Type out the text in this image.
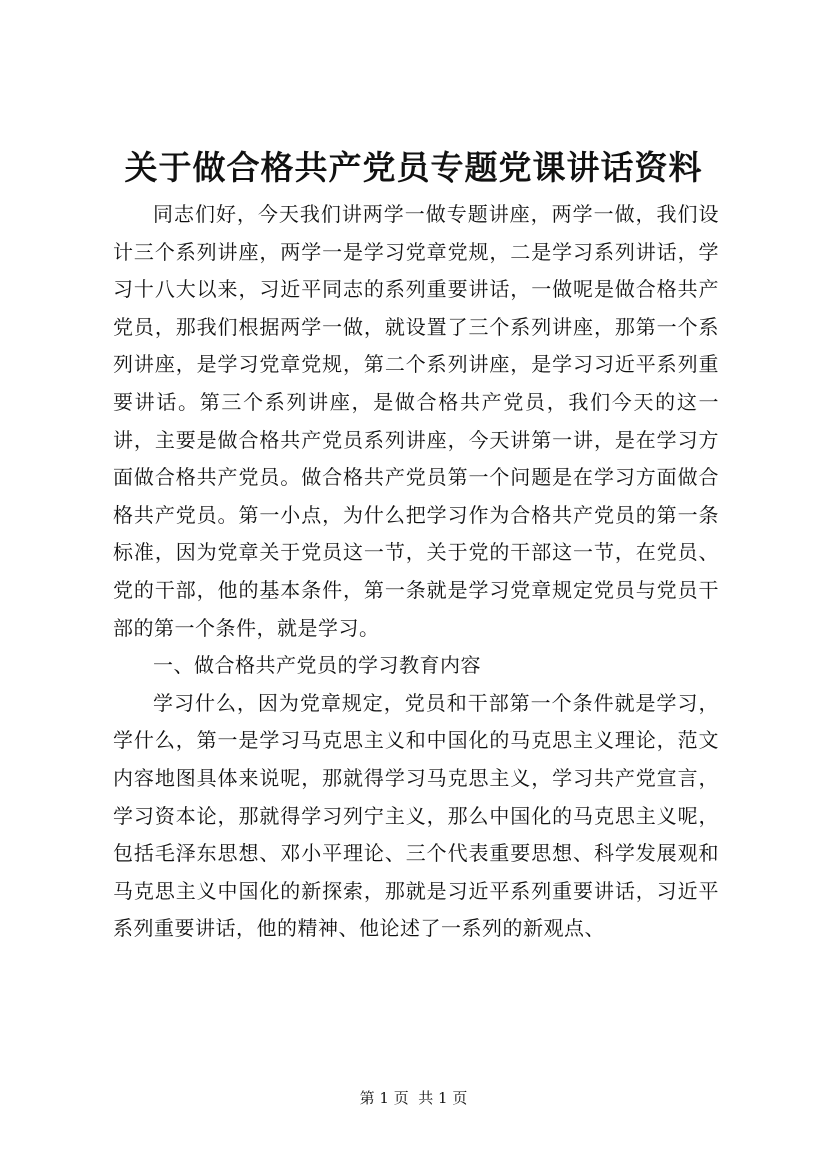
关于做合格共产党员专题党课讲话资料

同志们好，今天我们讲两学一做专题讲座，两学一做，我们设计三个系列讲座，两学一是学习党章党规，二是学习系列讲话，学习十八大以来，习近平同志的系列重要讲话，一做呢是做合格共产党员，那我们根据两学一做，就设置了三个系列讲座，那第一个系列讲座，是学习党章党规，第二个系列讲座，是学习习近平系列重要讲话。第三个系列讲座，是做合格共产党员，我们今天的这一讲，主要是做合格共产党员系列讲座，今天讲第一讲，是在学习方面做合格共产党员。做合格共产党员第一个问题是在学习方面做合格共产党员。第一小点，为什么把学习作为合格共产党员的第一条标准，因为党章关于党员这一节，关于党的干部这一节，在党员、党的干部，他的基本条件，第一条就是学习党章规定党员与党员干部的第一个条件，就是学习。

一、做合格共产党员的学习教育内容

学习什么，因为党章规定，党员和干部第一个条件就是学习，学什么，第一是学习马克思主义和中国化的马克思主义理论，范文内容地图具体来说呢，那就得学习马克思主义，学习共产党宣言，学习资本论，那就得学习列宁主义，那么中国化的马克思主义呢，包括毛泽东思想、邓小平理论、三个代表重要思想、科学发展观和马克思主义中国化的新探索，那就是习近平系列重要讲话，习近平系列重要讲话，他的精神、他论述了一系列的新观点、

第 1 页  共 1 页
